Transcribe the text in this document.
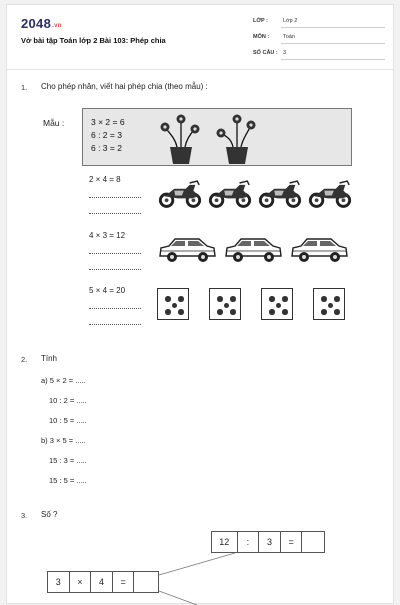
2048.vn
Vở bài tập Toán lớp 2 Bài 103: Phép chia
LỚP :	Lớp 2
MÔN :	Toán
SỐ CÂU : 3
1. Cho phép nhân, viết hai phép chia (theo mẫu) :
Mẫu :	3 × 2 = 6
6 : 2 = 3
6 : 3 = 2
2 × 4 = 8
4 × 3 = 12
5 × 4 = 20
2. Tính
a) 5 × 2 = .....
10 : 2 = .....
10 : 5 = .....
b) 3 × 5 = .....
15 : 3 = .....
15 : 5 = .....
3. Số ?
12	:	3	=
3	×	4	=
